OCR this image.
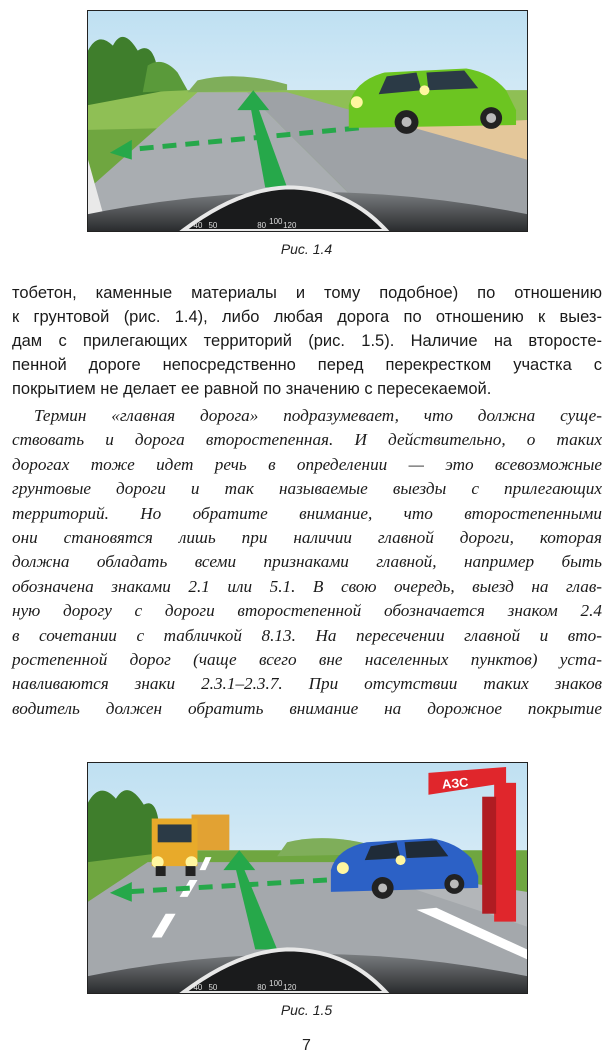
40 50	80 100 120
Рис. 1.4
тобетон, каменные материалы и тому подобное) по отношению
к грунтовой (рис. 1.4), либо любая дорога по отношению к выез-
дам с прилегающих территорий (рис. 1.5). Наличие на второсте-
пенной дороге непосредственно перед перекрестком участка с
покрытием не делает ее равной по значению с пересекаемой.
Термин «главная дорога» подразумевает, что должна суще-
ствовать и дорога второстепенная. И действительно, о таких
дорогах тоже идет речь в определении — это всевозможные
грунтовые дороги и так называемые выезды с прилегающих
территорий. Но обратите внимание, что второстепенными
они становятся лишь при наличии главной дороги, которая
должна обладать всеми признаками главной, например быть
обозначена знаками 2.1 или 5.1. В свою очередь, выезд на глав-
ную дорогу с дороги второстепенной обозначается знаком 2.4
в сочетании с табличкой 8.13. На пересечении главной и вто-
ростепенной дорог (чаще всего вне населенных пунктов) уста-
навливаются знаки 2.3.1–2.3.7. При отсутствии таких знаков
водитель должен обратить внимание на дорожное покрытие
АЗС
40 50	80 100 120
Рис. 1.5
7
